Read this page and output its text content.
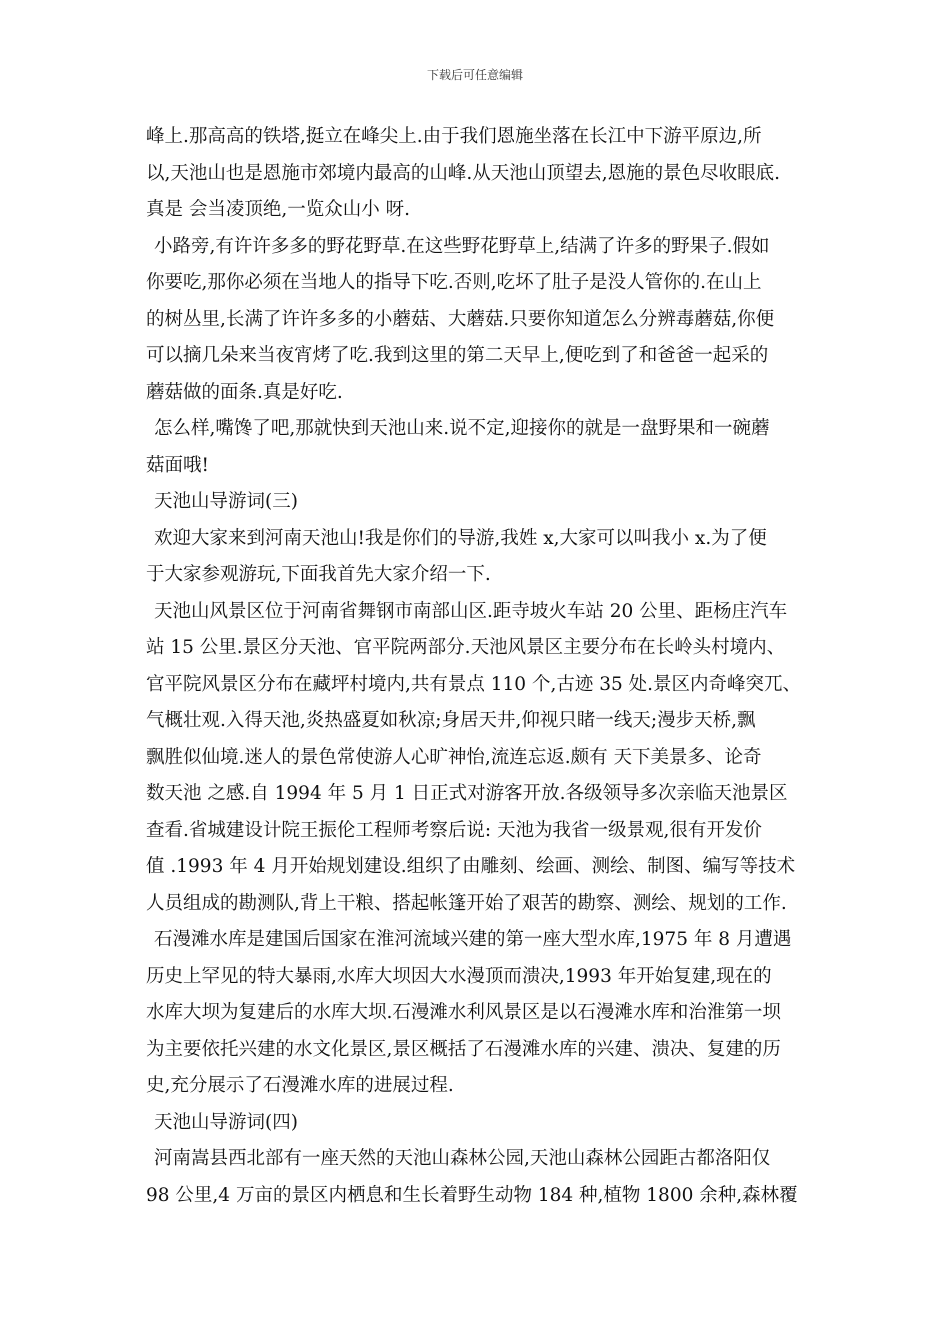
下载后可任意编辑
峰上.那高高的铁塔,挺立在峰尖上.由于我们恩施坐落在长江中下游平原边,所
以,天池山也是恩施市郊境内最高的山峰.从天池山顶望去,恩施的景色尽收眼底.
真是 会当凌顶绝,一览众山小 呀.
小路旁,有许许多多的野花野草.在这些野花野草上,结满了许多的野果子.假如
你要吃,那你必须在当地人的指导下吃.否则,吃坏了肚子是没人管你的.在山上
的树丛里,长满了许许多多的小蘑菇、大蘑菇.只要你知道怎么分辨毒蘑菇,你便
可以摘几朵来当夜宵烤了吃.我到这里的第二天早上,便吃到了和爸爸一起采的
蘑菇做的面条.真是好吃.
怎么样,嘴馋了吧,那就快到天池山来.说不定,迎接你的就是一盘野果和一碗蘑
菇面哦!
天池山导游词(三)
欢迎大家来到河南天池山!我是你们的导游,我姓 x,大家可以叫我小 x.为了便
于大家参观游玩,下面我首先大家介绍一下.
天池山风景区位于河南省舞钢市南部山区.距寺坡火车站 20 公里、距杨庄汽车
站 15 公里.景区分天池、官平院两部分.天池风景区主要分布在长岭头村境内、
官平院风景区分布在藏坪村境内,共有景点 110 个,古迹 35 处.景区内奇峰突兀、
气概壮观.入得天池,炎热盛夏如秋凉;身居天井,仰视只睹一线天;漫步天桥,飘
飘胜似仙境.迷人的景色常使游人心旷神怡,流连忘返.颇有 天下美景多、论奇
数天池 之感.自 1994 年 5 月 1 日正式对游客开放.各级领导多次亲临天池景区
查看.省城建设计院王振伦工程师考察后说: 天池为我省一级景观,很有开发价
值 .1993 年 4 月开始规划建设.组织了由雕刻、绘画、测绘、制图、编写等技术
人员组成的勘测队,背上干粮、搭起帐篷开始了艰苦的勘察、测绘、规划的工作.
石漫滩水库是建国后国家在淮河流域兴建的第一座大型水库,1975 年 8 月遭遇
历史上罕见的特大暴雨,水库大坝因大水漫顶而溃决,1993 年开始复建,现在的
水库大坝为复建后的水库大坝.石漫滩水利风景区是以石漫滩水库和治淮第一坝
为主要依托兴建的水文化景区,景区概括了石漫滩水库的兴建、溃决、复建的历
史,充分展示了石漫滩水库的进展过程.
天池山导游词(四)
河南嵩县西北部有一座天然的天池山森林公园,天池山森林公园距古都洛阳仅
98 公里,4 万亩的景区内栖息和生长着野生动物 184 种,植物 1800 余种,森林覆
